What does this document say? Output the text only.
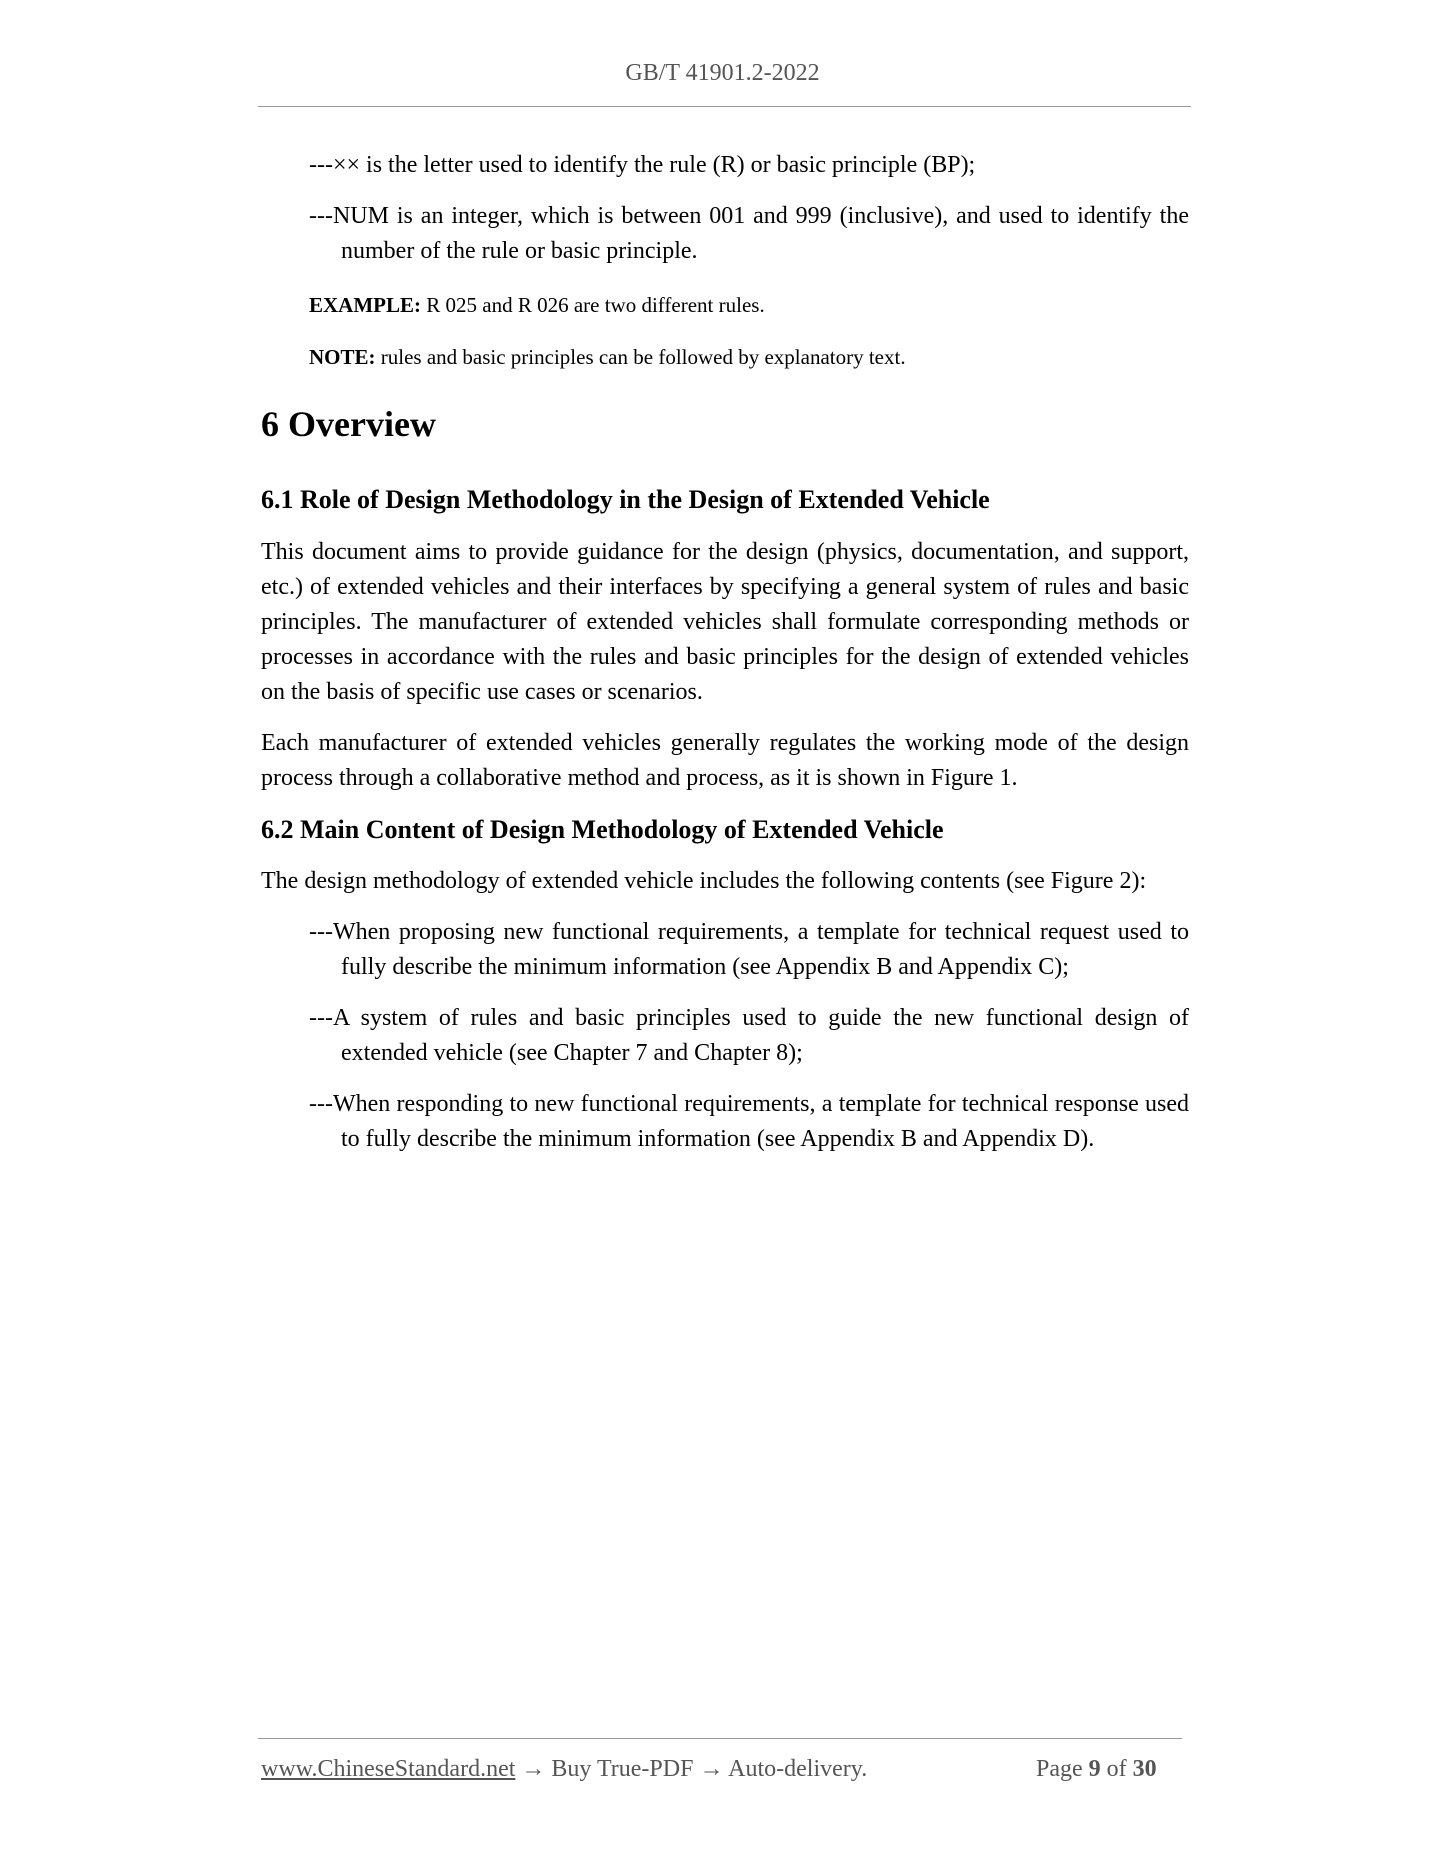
GB/T 41901.2-2022

---×× is the letter used to identify the rule (R) or basic principle (BP);

---NUM is an integer, which is between 001 and 999 (inclusive), and used to identify the number of the rule or basic principle.

EXAMPLE: R 025 and R 026 are two different rules.

NOTE: rules and basic principles can be followed by explanatory text.

6 Overview
6.1 Role of Design Methodology in the Design of Extended Vehicle

This document aims to provide guidance for the design (physics, documentation, and support, etc.) of extended vehicles and their interfaces by specifying a general system of rules and basic principles. The manufacturer of extended vehicles shall formulate corresponding methods or processes in accordance with the rules and basic principles for the design of extended vehicles on the basis of specific use cases or scenarios.

Each manufacturer of extended vehicles generally regulates the working mode of the design process through a collaborative method and process, as it is shown in Figure 1.

6.2 Main Content of Design Methodology of Extended Vehicle

The design methodology of extended vehicle includes the following contents (see Figure 2):

---When proposing new functional requirements, a template for technical request used to fully describe the minimum information (see Appendix B and Appendix C);

---A system of rules and basic principles used to guide the new functional design of extended vehicle (see Chapter 7 and Chapter 8);

---When responding to new functional requirements, a template for technical response used to fully describe the minimum information (see Appendix B and Appendix D).

www.ChineseStandard.net → Buy True-PDF → Auto-delivery.	Page 9 of 30
